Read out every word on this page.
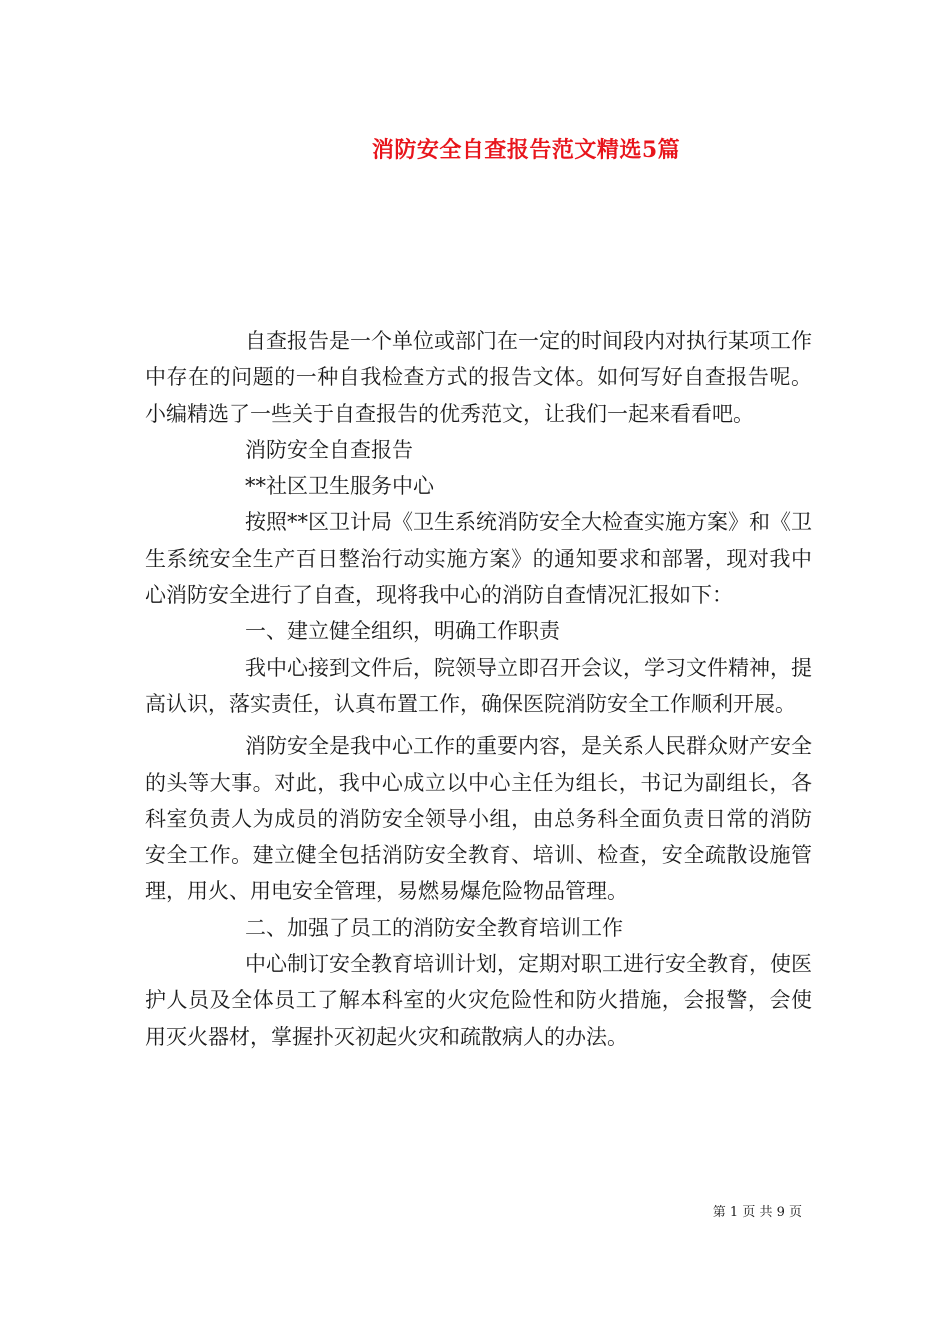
消防安全自查报告范文精选5篇

自查报告是一个单位或部门在一定的时间段内对执行某项工作中存在的问题的一种自我检查方式的报告文体。如何写好自查报告呢。小编精选了一些关于自查报告的优秀范文，让我们一起来看看吧。

消防安全自查报告

**社区卫生服务中心

按照**区卫计局《卫生系统消防安全大检查实施方案》和《卫生系统安全生产百日整治行动实施方案》的通知要求和部署，现对我中心消防安全进行了自查，现将我中心的消防自查情况汇报如下：

一、建立健全组织，明确工作职责

我中心接到文件后，院领导立即召开会议，学习文件精神，提高认识，落实责任，认真布置工作，确保医院消防安全工作顺利开展。

消防安全是我中心工作的重要内容，是关系人民群众财产安全的头等大事。对此，我中心成立以中心主任为组长，书记为副组长，各科室负责人为成员的消防安全领导小组，由总务科全面负责日常的消防安全工作。建立健全包括消防安全教育、培训、检查，安全疏散设施管理，用火、用电安全管理，易燃易爆危险物品管理。

二、加强了员工的消防安全教育培训工作

中心制订安全教育培训计划，定期对职工进行安全教育，使医护人员及全体员工了解本科室的火灾危险性和防火措施，会报警，会使用灭火器材，掌握扑灭初起火灾和疏散病人的办法。

第 1 页 共 9 页
